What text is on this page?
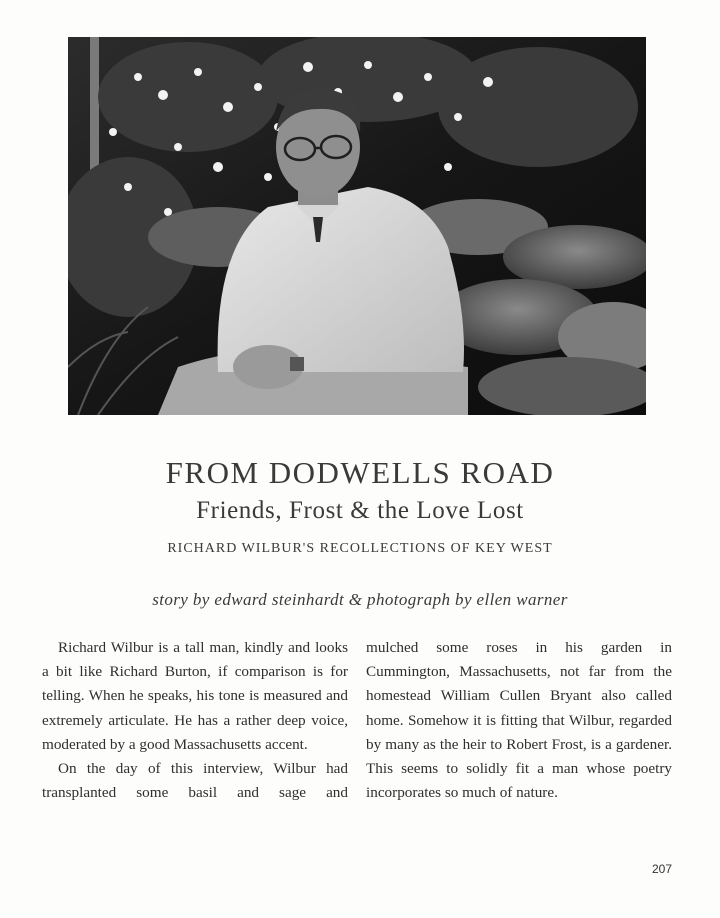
FROM DODWELLS ROAD
Friends, Frost & the Love Lost
RICHARD WILBUR'S RECOLLECTIONS OF KEY WEST
story by edward steinhardt & photograph by ellen warner

Richard Wilbur is a tall man, kindly and looks a bit like Richard Burton, if comparison is for telling. When he speaks, his tone is measured and extremely articulate. He has a rather deep voice, moderated by a good Massachusetts accent.

On the day of this interview, Wilbur had transplanted some basil and sage and

mulched some roses in his garden in Cummington, Massachusetts, not far from the homestead William Cullen Bryant also called home. Somehow it is fitting that Wilbur, regarded by many as the heir to Robert Frost, is a gardener. This seems to solidly fit a man whose poetry incorporates so much of nature.

207
